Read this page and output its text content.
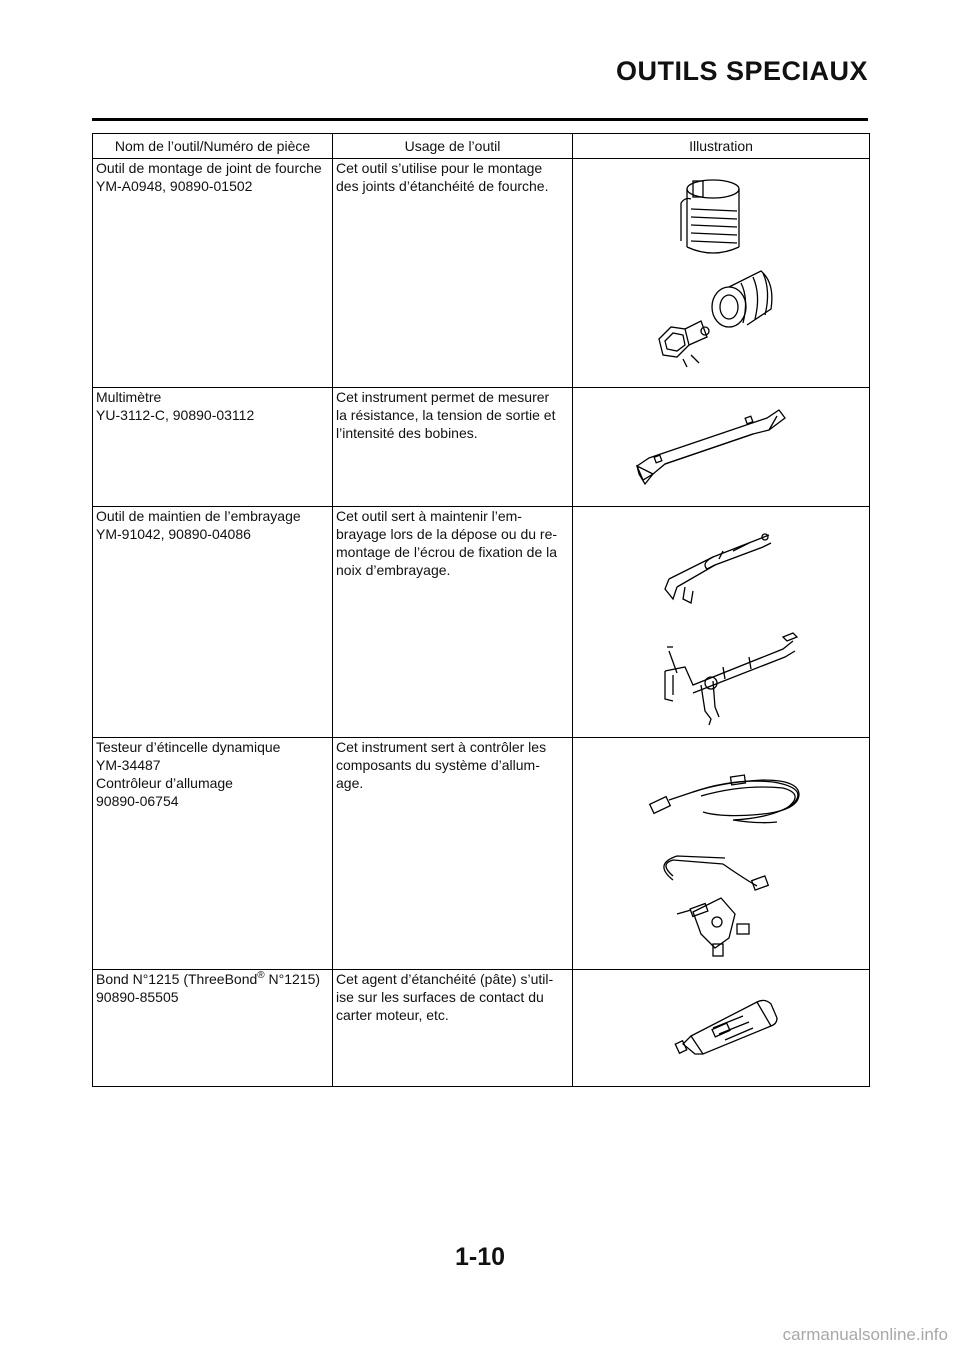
OUTILS SPECIAUX
Nom de l’outil/Numéro de pièce	Usage de l’outil	Illustration

Outil de montage de joint de fourche
YM-A0948, 90890-01502	Cet outil s’utilise pour le montage
des joints d’étanchéité de fourche.

Multimètre
YU-3112-C, 90890-03112	Cet instrument permet de mesurer
la résistance, la tension de sortie et
l’intensité des bobines.

Outil de maintien de l’embrayage
YM-91042, 90890-04086	Cet outil sert à maintenir l’em-
brayage lors de la dépose ou du re-
montage de l’écrou de fixation de la
noix d’embrayage.

Testeur d’étincelle dynamique
YM-34487
Contrôleur d’allumage
90890-06754	Cet instrument sert à contrôler les
composants du système d’allum-
age.

Bond N°1215 (ThreeBond® N°1215)
90890-85505	Cet agent d’étanchéité (pâte) s’util-
ise sur les surfaces de contact du
carter moteur, etc.

1-10
carmanualsonline.info
